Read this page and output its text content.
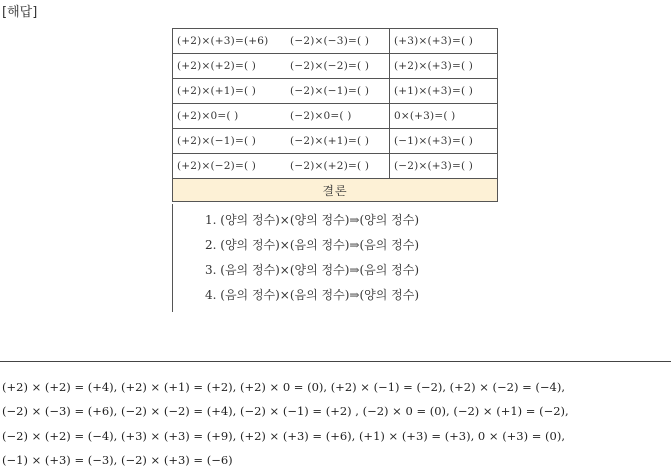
[해답]
(+2)×(+3)=(+6)	(−2)×(−3)=( )	(+3)×(+3)=( )
(+2)×(+2)=( )	(−2)×(−2)=( )	(+2)×(+3)=( )
(+2)×(+1)=( )	(−2)×(−1)=( )	(+1)×(+3)=( )
(+2)×0=( )	(−2)×0=( )	0×(+3)=( )
(+2)×(−1)=( )	(−2)×(+1)=( )	(−1)×(+3)=( )
(+2)×(−2)=( )	(−2)×(+2)=( )	(−2)×(+3)=( )
결론		
1. (양의 정수)×(양의 정수)⇒(양의 정수)
2. (양의 정수)×(음의 정수)⇒(음의 정수)
3. (음의 정수)×(양의 정수)⇒(음의 정수)
4. (음의 정수)×(음의 정수)⇒(양의 정수)
(+2) × (+2) = (+4), (+2) × (+1) = (+2), (+2) × 0 = (0), (+2) × (−1) = (−2), (+2) × (−2) = (−4),
(−2) × (−3) = (+6), (−2) × (−2) = (+4), (−2) × (−1) = (+2) , (−2) × 0 = (0), (−2) × (+1) = (−2),
(−2) × (+2) = (−4), (+3) × (+3) = (+9), (+2) × (+3) = (+6), (+1) × (+3) = (+3), 0 × (+3) = (0),
(−1) × (+3) = (−3), (−2) × (+3) = (−6)
